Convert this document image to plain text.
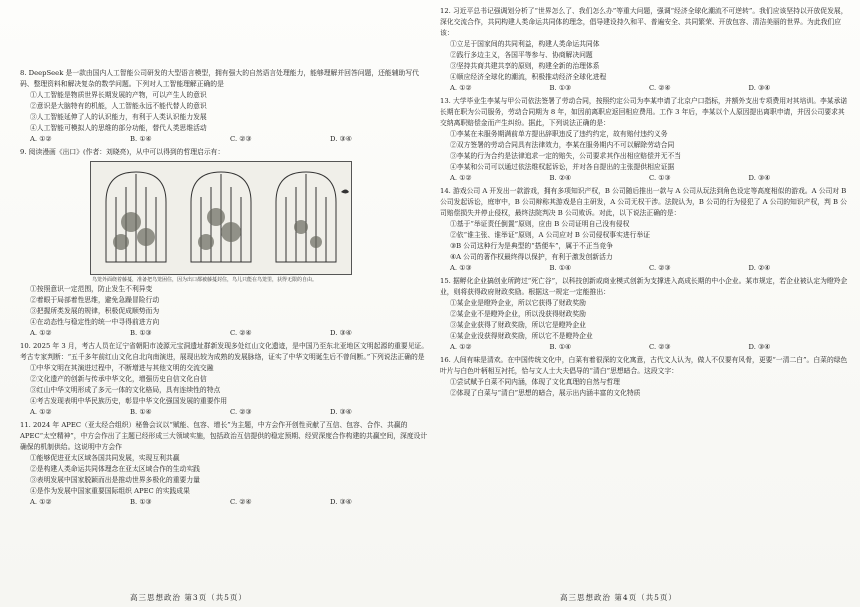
8. DeepSeek 是一款由国内人工智能公司研发的大型语言模型，拥有强大的自然语言处理能力，能够理解并回答问题，还能辅助写代码、整理资料和解决复杂的数学问题。下列对人工智能理解正确的是
①人工智能是物质世界长期发展的产物，可以产生人的意识
②意识是大脑特有的机能，人工智能永远不能代替人的意识
③人工智能延伸了人的认识能力，有利于人类认识能力发展
④人工智能可模拟人的思维的部分功能，替代人类思维活动
A. ①②	B. ①④	C. ②③	D. ③④
9. 阅读漫画《出口》(作者：刘晓亮)，从中可以得到的哲理启示有：
鸟笼外面绕着藤蔓，准备把鸟笼困住，因为出口都被藤蔓封住，鸟儿只能在鸟笼里，获得无限的自由。
①按照意识一定范围，防止发生不利异变
②着眼于局部着性思维，避免急躁冒险行动
③把握所类发展的规律，积极促成顺势而为
④在动态性与稳定性的统一中寻得前进方向
A. ①②	B. ①③	C. ②④	D. ③④
10. 2025 年 3 月，考古人员在辽宁省朝阳市凌源元宝洞遗址群新发现多处红山文化遗迹，是中国乃至东北亚地区文明起源的重要见证。考古专家判断：“五千多年前红山文化自北向南演进，展现出较为成熟的发展脉络，证实了中华文明诞生后不曾间断。”下列说法正确的是
①中华文明在其演进过程中，不断增进与其他文明的交流交融
②文化遗产的创新与传承中华文化，增强历史自信文化自信
③红山中华文明形成了多元一体的文化格局，具有连续性的特点
④考古发现表明中华民族历史，彰显中华文化强国发展的重要作用
A. ①②	B. ①④	C. ②③	D. ③④
11. 2024 年 APEC（亚太经合组织）秘鲁会议以“赋能、包容、增长”为主题，中方会作开创性贡献了互信、包容、合作、共赢的 APEC“太空精神”，中方会作出了主题已经形成三大领域实施，包括政治互信提供的稳定预期、经贸深度合作构建的共赢空间，深度设计确保的机制供给。这说明中方会作
①能够促进亚太区域各国共同发展，实现互利共赢
②是构建人类命运共同体理念在亚太区域合作的生动实践
③表明发展中国家脱颖而出是推动世界多极化的重要力量
④是作为发展中国家重要国际组织 APEC 的实践成果
A. ①②	B. ①③	C. ②④	D. ③④
12. 习近平总书记强调划分析了“世界怎么了、我们怎么办”等重大问题，强调“经济全球化潮流不可逆转”。我们应该坚持以开放促发展，深化交流合作，共同构建人类命运共同体的理念，倡导建设持久和平、普遍安全、共同繁荣、开放包容、清洁美丽的世界。为此我们应该：
①立足于国家间的共同利益，构建人类命运共同体
②践行多边主义，各国平等参与、协商解决问题
③坚持共商共建共享的原则，构建全新的治理体系
④顺应经济全球化的潮流，积极推动经济全球化进程
A. ①②	B. ①③	C. ②④	D. ③④
13. 大学毕业生李某与甲公司依法签署了劳动合同，按照约定公司为李某申请了北京户口指标，并额外支出专项费用对其培训。李某承诺长期在职为公司服务，劳动合同期为 8 年，如因前离职应返回相应费用。工作 3 年后，李某以个人原因提出离职申请，并因公司要求其交纳离职赔偿金而产生纠纷。据此，下列说法正确的是：
①李某在未服务期满前单方提出辞职违反了违约约定，故有赔付违约义务
②双方签署的劳动合同具有法律效力，李某在服务期内不可以解除劳动合同
③李某的行为合约是法律追求一定的赔失，公司要求其作出相应赔偿并无不当
④李某和公司可以通过依法维权起诉讼，并对各自提出的主张提供相应证据
A. ①②	B. ②④	C. ①③	D. ③④
14. 游戏公司 A 开发出一款游戏，拥有多项知识产权，B 公司随后推出一款与 A 公司从玩法到角色设定等高度相似的游戏。A 公司对 B 公司发起诉讼，庭审中，B 公司辩称其游戏是自主研发，A 公司无权干涉。法院认为，B 公司的行为侵犯了 A 公司的知识产权，判 B 公司赔偿损失并停止侵权，最终法院判决 B 公司败诉。对此，以下说法正确的是：
①基于“举证责任倒置”原则，应由 B 公司证明自己没有侵权
②依“谁主张、谁举证”原则，A 公司应对 B 公司侵权事实进行举证
③B 公司这种行为是典型的“搭便车”，属于不正当竞争
④A 公司的著作权最终得以保护，有利于激发创新活力
A. ①③	B. ①④	C. ②③	D. ②④
15. 据孵化企业搞创业所跨过“死亡谷”，以科技创新或商业模式创新为支撑进入高成长期的中小企业。某市规定，若企业被认定为瞪羚企业，则将获得政府财政奖励。根据这一规定一定能推出：
①某企业是瞪羚企业，所以它获得了财政奖励
②某企业不是瞪羚企业，所以没获得财政奖励
③某企业获得了财政奖励，所以它是瞪羚企业
④某企业没获得财政奖励，所以它不是瞪羚企业
A. ①②	B. ①④	C. ②③	D. ③④
16. 人间有味是清欢。在中国传统文化中，白菜有着很深的文化寓意，古代文人认为，做人不仅要有风骨，更要“一清二白”。白菜的绿色叶片与白色叶柄相互衬托，恰与文人士大夫倡导的“清白”思想暗合。这段文字：
①尝试赋予白菜不同内涵，体现了文化真理的自然与哲理
②体现了白菜与“清白”思想的暗合，展示出内涵丰富的文化特质
高三思想政治 第3页（共5页）	高三思想政治 第4页（共5页）
